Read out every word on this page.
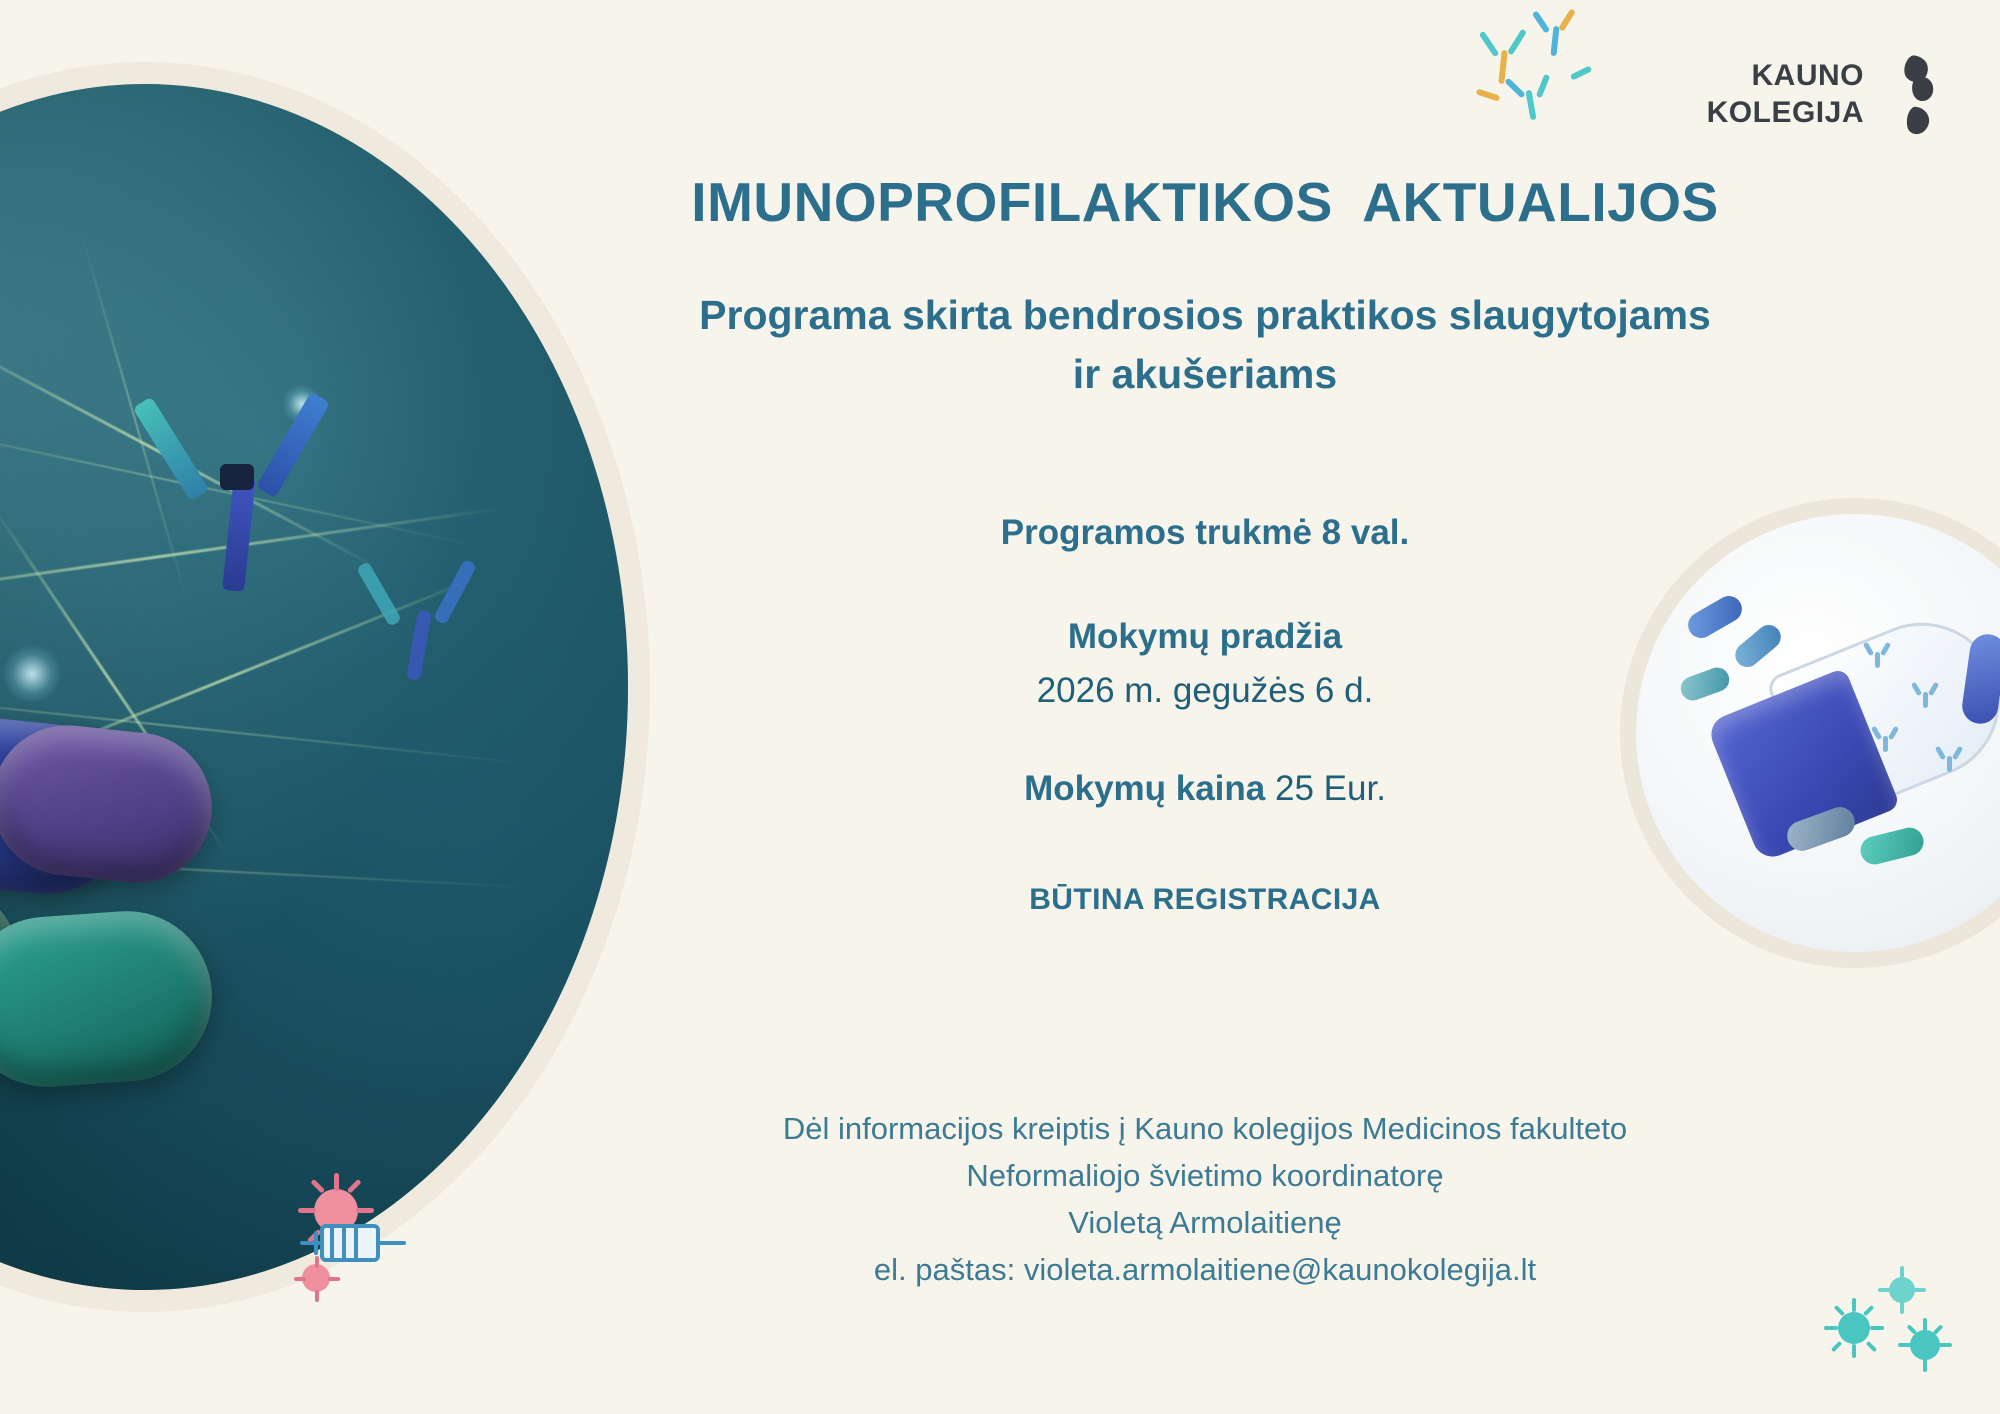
KAUNO
KOLEGIJA
IMUNOPROFILAKTIKOS  AKTUALIJOS
Programa skirta bendrosios praktikos slaugytojams
ir akušeriams
Programos trukmė 8 val.
Mokymų pradžia
2026 m. gegužės 6 d.
Mokymų kaina 25 Eur.
BŪTINA REGISTRACIJA
Dėl informacijos kreiptis į Kauno kolegijos Medicinos fakulteto
Neformaliojo švietimo koordinatorę
Violetą Armolaitienę
el. paštas: violeta.armolaitiene@kaunokolegija.lt
